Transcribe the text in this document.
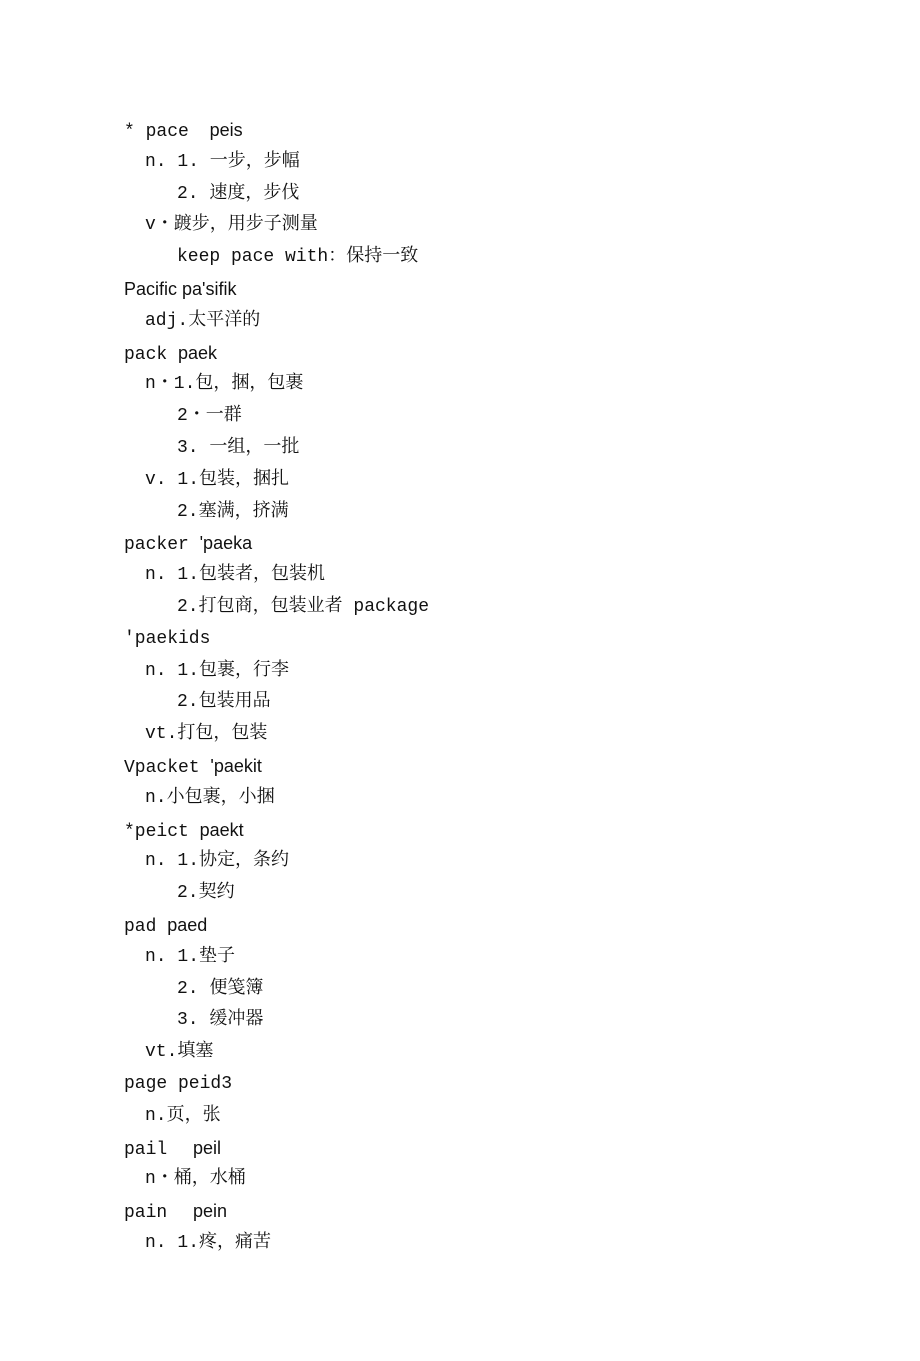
* pace   peis
n. 1. 一步，步幅
2. 速度，步伐
v・踱步，用步子测量
keep pace with：保持一致
Pacific pa'sifik
adj.太平洋的
pack paek
n・1.包，捆，包裹
2・一群
3. 一组，一批
v. 1.包装，捆扎
2.塞满，挤满
packer 'paeka
n. 1.包装者，包装机
2.打包商，包装业者 package
'paekids
n. 1.包裹，行李
2.包装用品
vt.打包，包装
Vpacket 'paekit
n.小包裹，小捆
*peict paekt
n. 1.协定，条约
2.契约
pad paed
n. 1.垫子
2. 便笺簿
3. 缓冲器
vt.填塞
page peid3
n.页，张
pail    peil
n・桶，水桶
pain    pein
n. 1.疼，痛苦
